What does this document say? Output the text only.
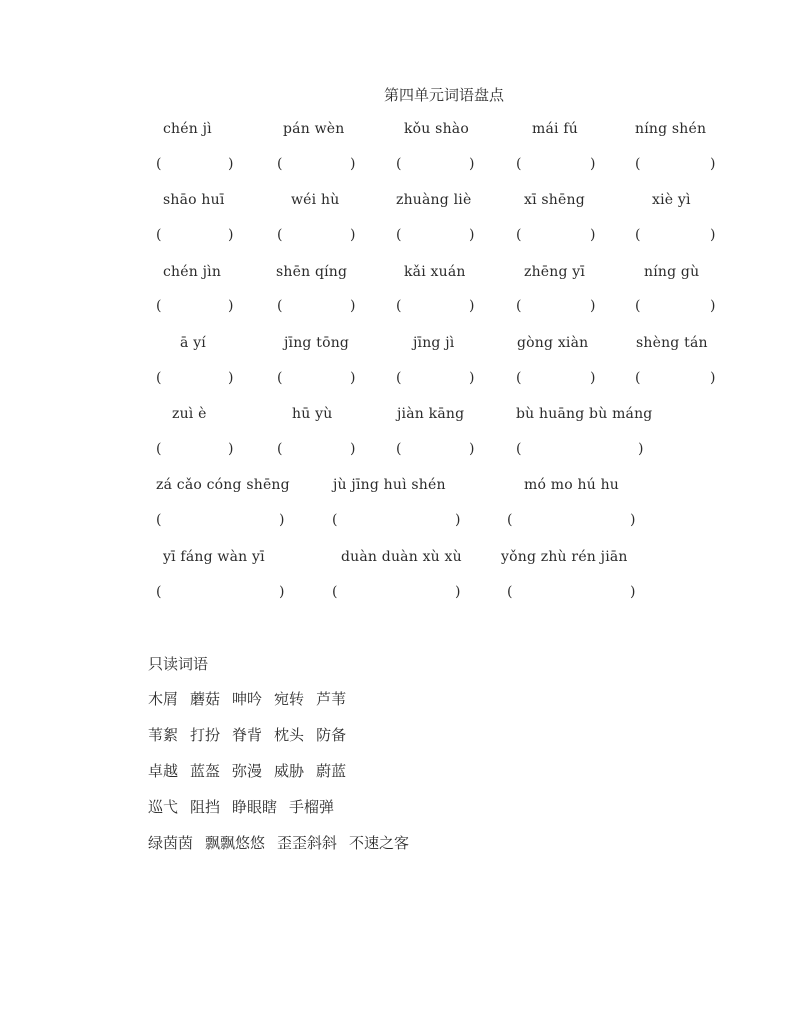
第四单元词语盘点
chén jì	pán wèn	kǒu shào	mái fú	níng shén
(	)	(	)	(	)	(	)	(	)
shāo huī	wéi hù	zhuàng liè	xī shēng	xiè yì
(	)	(	)	(	)	(	)	(	)
chén jìn	shēn qíng	kǎi xuán	zhēng yī	níng gù
(	)	(	)	(	)	(	)	(	)
ā yí	jīng tōng	jīng jì	gòng xiàn	shèng tán
(	)	(	)	(	)	(	)	(	)
zuì è	hū yù	jiàn kāng	bù huāng bù máng
(	)	(	)	(	)	(	)
zá cǎo cóng shēng	jù jīng huì shén	mó mo hú hu
(	)	(	)	(	)
yī fáng wàn yī	duàn duàn xù xù	yǒng zhù rén jiān
(	)	(	)	(	)
只读词语
木屑 蘑菇 呻吟 宛转 芦苇
苇絮 打扮 脊背 枕头 防备
卓越 蓝盔 弥漫 威胁 蔚蓝
巡弋 阻挡 睁眼瞎 手榴弹
绿茵茵 飘飘悠悠 歪歪斜斜 不速之客
